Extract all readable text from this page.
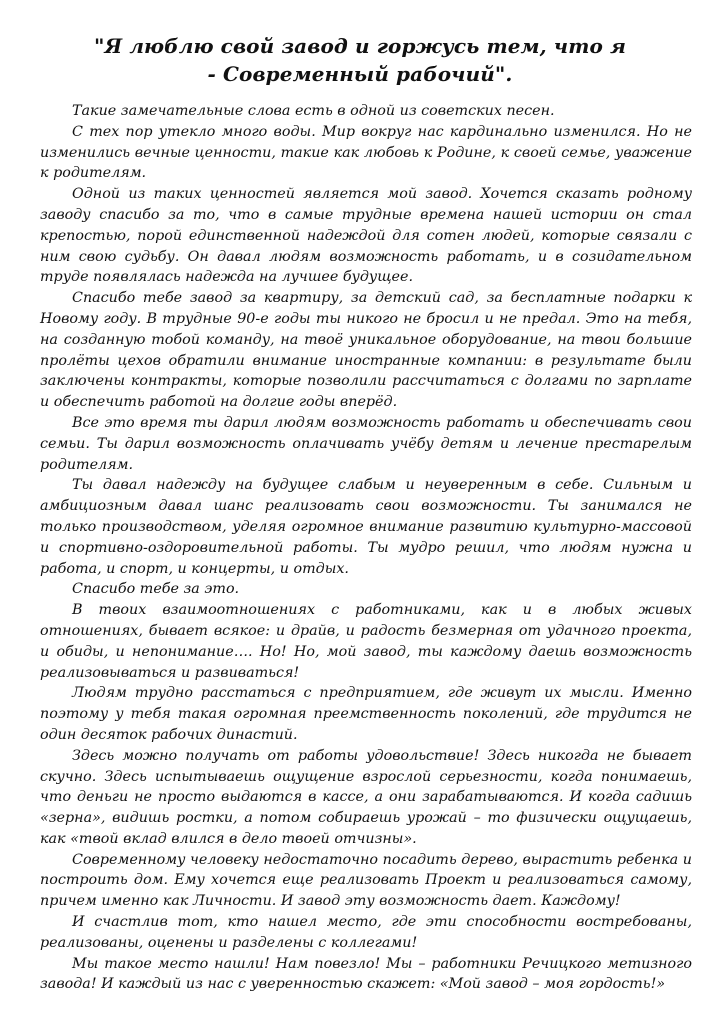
"Я люблю свой завод и горжусь тем, что я
- Современный рабочий".

Такие замечательные слова есть в одной из советских песен.

С тех пор утекло много воды. Мир вокруг нас кардинально изменился. Но не изменились вечные ценности, такие как любовь к Родине, к своей семье, уважение к родителям.

Одной из таких ценностей является мой завод. Хочется сказать родному заводу спасибо за то, что в самые трудные времена нашей истории он стал крепостью, порой единственной надеждой для сотен людей, которые связали с ним свою судьбу. Он давал людям возможность работать, и в созидательном труде появлялась надежда на лучшее будущее.

Спасибо тебе завод за квартиру, за детский сад, за бесплатные подарки к Новому году. В трудные 90-е годы ты никого не бросил и не предал. Это на тебя, на созданную тобой команду, на твоё уникальное оборудование, на твои большие пролёты цехов обратили внимание иностранные компании: в результате были заключены контракты, которые позволили рассчитаться с долгами по зарплате и обеспечить работой на долгие годы вперёд.

Все это время ты дарил людям возможность работать и обеспечивать свои семьи. Ты дарил возможность оплачивать учёбу детям и лечение престарелым родителям.

Ты давал надежду на будущее слабым и неуверенным в себе. Сильным и амбициозным давал шанс реализовать свои возможности. Ты занимался не только производством, уделяя огромное внимание развитию культурно-массовой и спортивно-оздоровительной работы. Ты мудро решил, что людям нужна и работа, и спорт, и концерты, и отдых.

Спасибо тебе за это.

В твоих взаимоотношениях с работниками, как и в любых живых отношениях, бывает всякое: и драйв, и радость безмерная от удачного проекта, и обиды, и непонимание…. Но! Но, мой завод, ты каждому даешь возможность реализовываться и развиваться!

Людям трудно расстаться с предприятием, где живут их мысли. Именно поэтому у тебя такая огромная преемственность поколений, где трудится не один десяток рабочих династий.

Здесь можно получать от работы удовольствие! Здесь никогда не бывает скучно. Здесь испытываешь ощущение взрослой серьезности, когда понимаешь, что деньги не просто выдаются в кассе, а они зарабатываются. И когда садишь «зерна», видишь ростки, а потом собираешь урожай – то физически ощущаешь, как «твой вклад влился в дело твоей отчизны».

Современному человеку недостаточно посадить дерево, вырастить ребенка и построить дом. Ему хочется еще реализовать Проект и реализоваться самому, причем именно как Личности. И завод эту возможность дает. Каждому!

И счастлив тот, кто нашел место, где эти способности востребованы, реализованы, оценены и разделены с коллегами!

Мы такое место нашли! Нам повезло! Мы – работники Речицкого метизного завода! И каждый из нас с уверенностью скажет: «Мой завод – моя гордость!»
